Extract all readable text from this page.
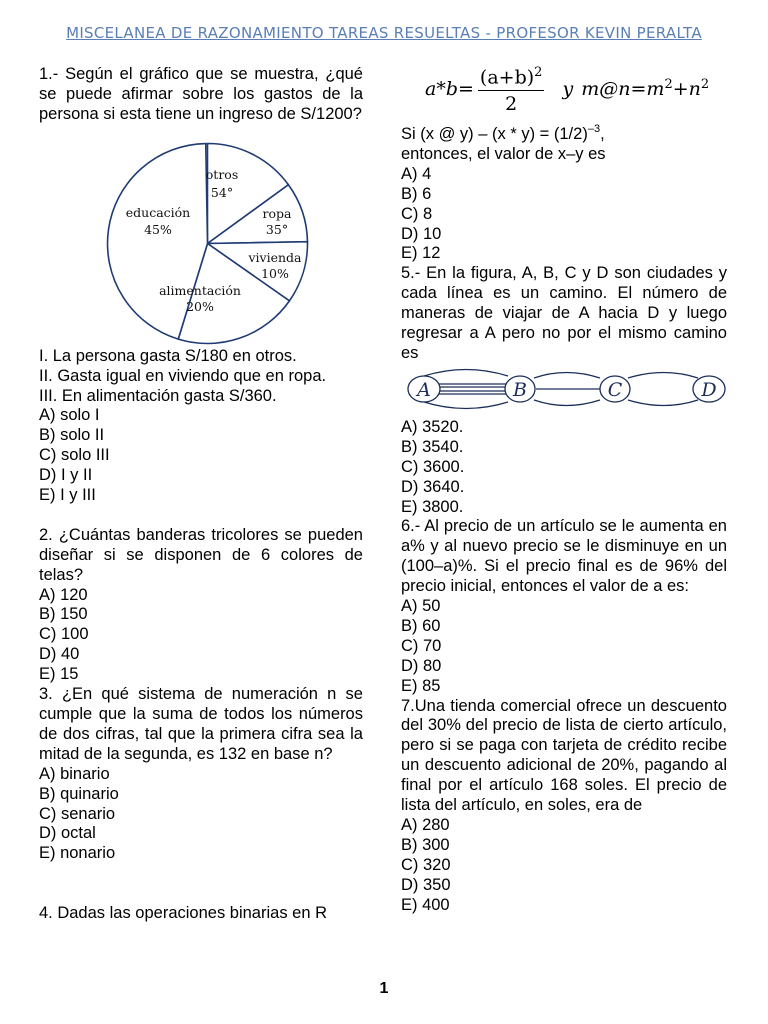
MISCELANEA DE RAZONAMIENTO TAREAS RESUELTAS - PROFESOR KEVIN PERALTA
1.- Según el gráfico que se muestra, ¿qué se puede afirmar sobre los gastos de la persona si esta tiene un ingreso de S/1200?
I. La persona gasta S/180 en otros.
II. Gasta igual en viviendo que en ropa.
III. En alimentación gasta S/360.
A) solo I
B) solo II
C) solo III
D) I y II
E) I y III
2. ¿Cuántas banderas tricolores se pueden diseñar si se disponen de 6 colores de telas?
A) 120
B) 150
C) 100
D) 40
E) 15
3. ¿En qué sistema de numeración n se cumple que la suma de todos los números de dos cifras, tal que la primera cifra sea la mitad de la segunda, es 132 en base n?
A) binario
B) quinario
C) senario
D) octal
E) nonario
4. Dadas las operaciones binarias en R
otros
54°
ropa
35°
vivienda
10%
alimentación
20%
educación
45%
$a*b= \frac{(a+b)^2}{2}$ y $m@n=m^2+n^2$
Si (x @ $y) - (x * y) = (1/2)^{-3}$,
entonces, el valor de x–y es
A) 4
B) 6
C) 8
D) 10
E) 12
5.- En la figura, A, B, C y D son ciudades y cada línea es un camino. El número de maneras de viajar de A hacia D y luego regresar a A pero no por el mismo camino es
A) 3520.
B) 3540.
C) 3600.
D) 3640.
E) 3800.
6.- Al precio de un artículo se le aumenta en a% y al nuevo precio se le disminuye en un (100–a)%. Si el precio final es de 96% del precio inicial, entonces el valor de a es:
A) 50
B) 60
C) 70
D) 80
E) 85
7.Una tienda comercial ofrece un descuento del 30% del precio de lista de cierto artículo, pero si se paga con tarjeta de crédito recibe un descuento adicional de 20%, pagando al final por el artículo 168 soles. El precio de lista del artículo, en soles, era de
A) 280
B) 300
C) 320
D) 350
E) 400
A	B	C	D
1
